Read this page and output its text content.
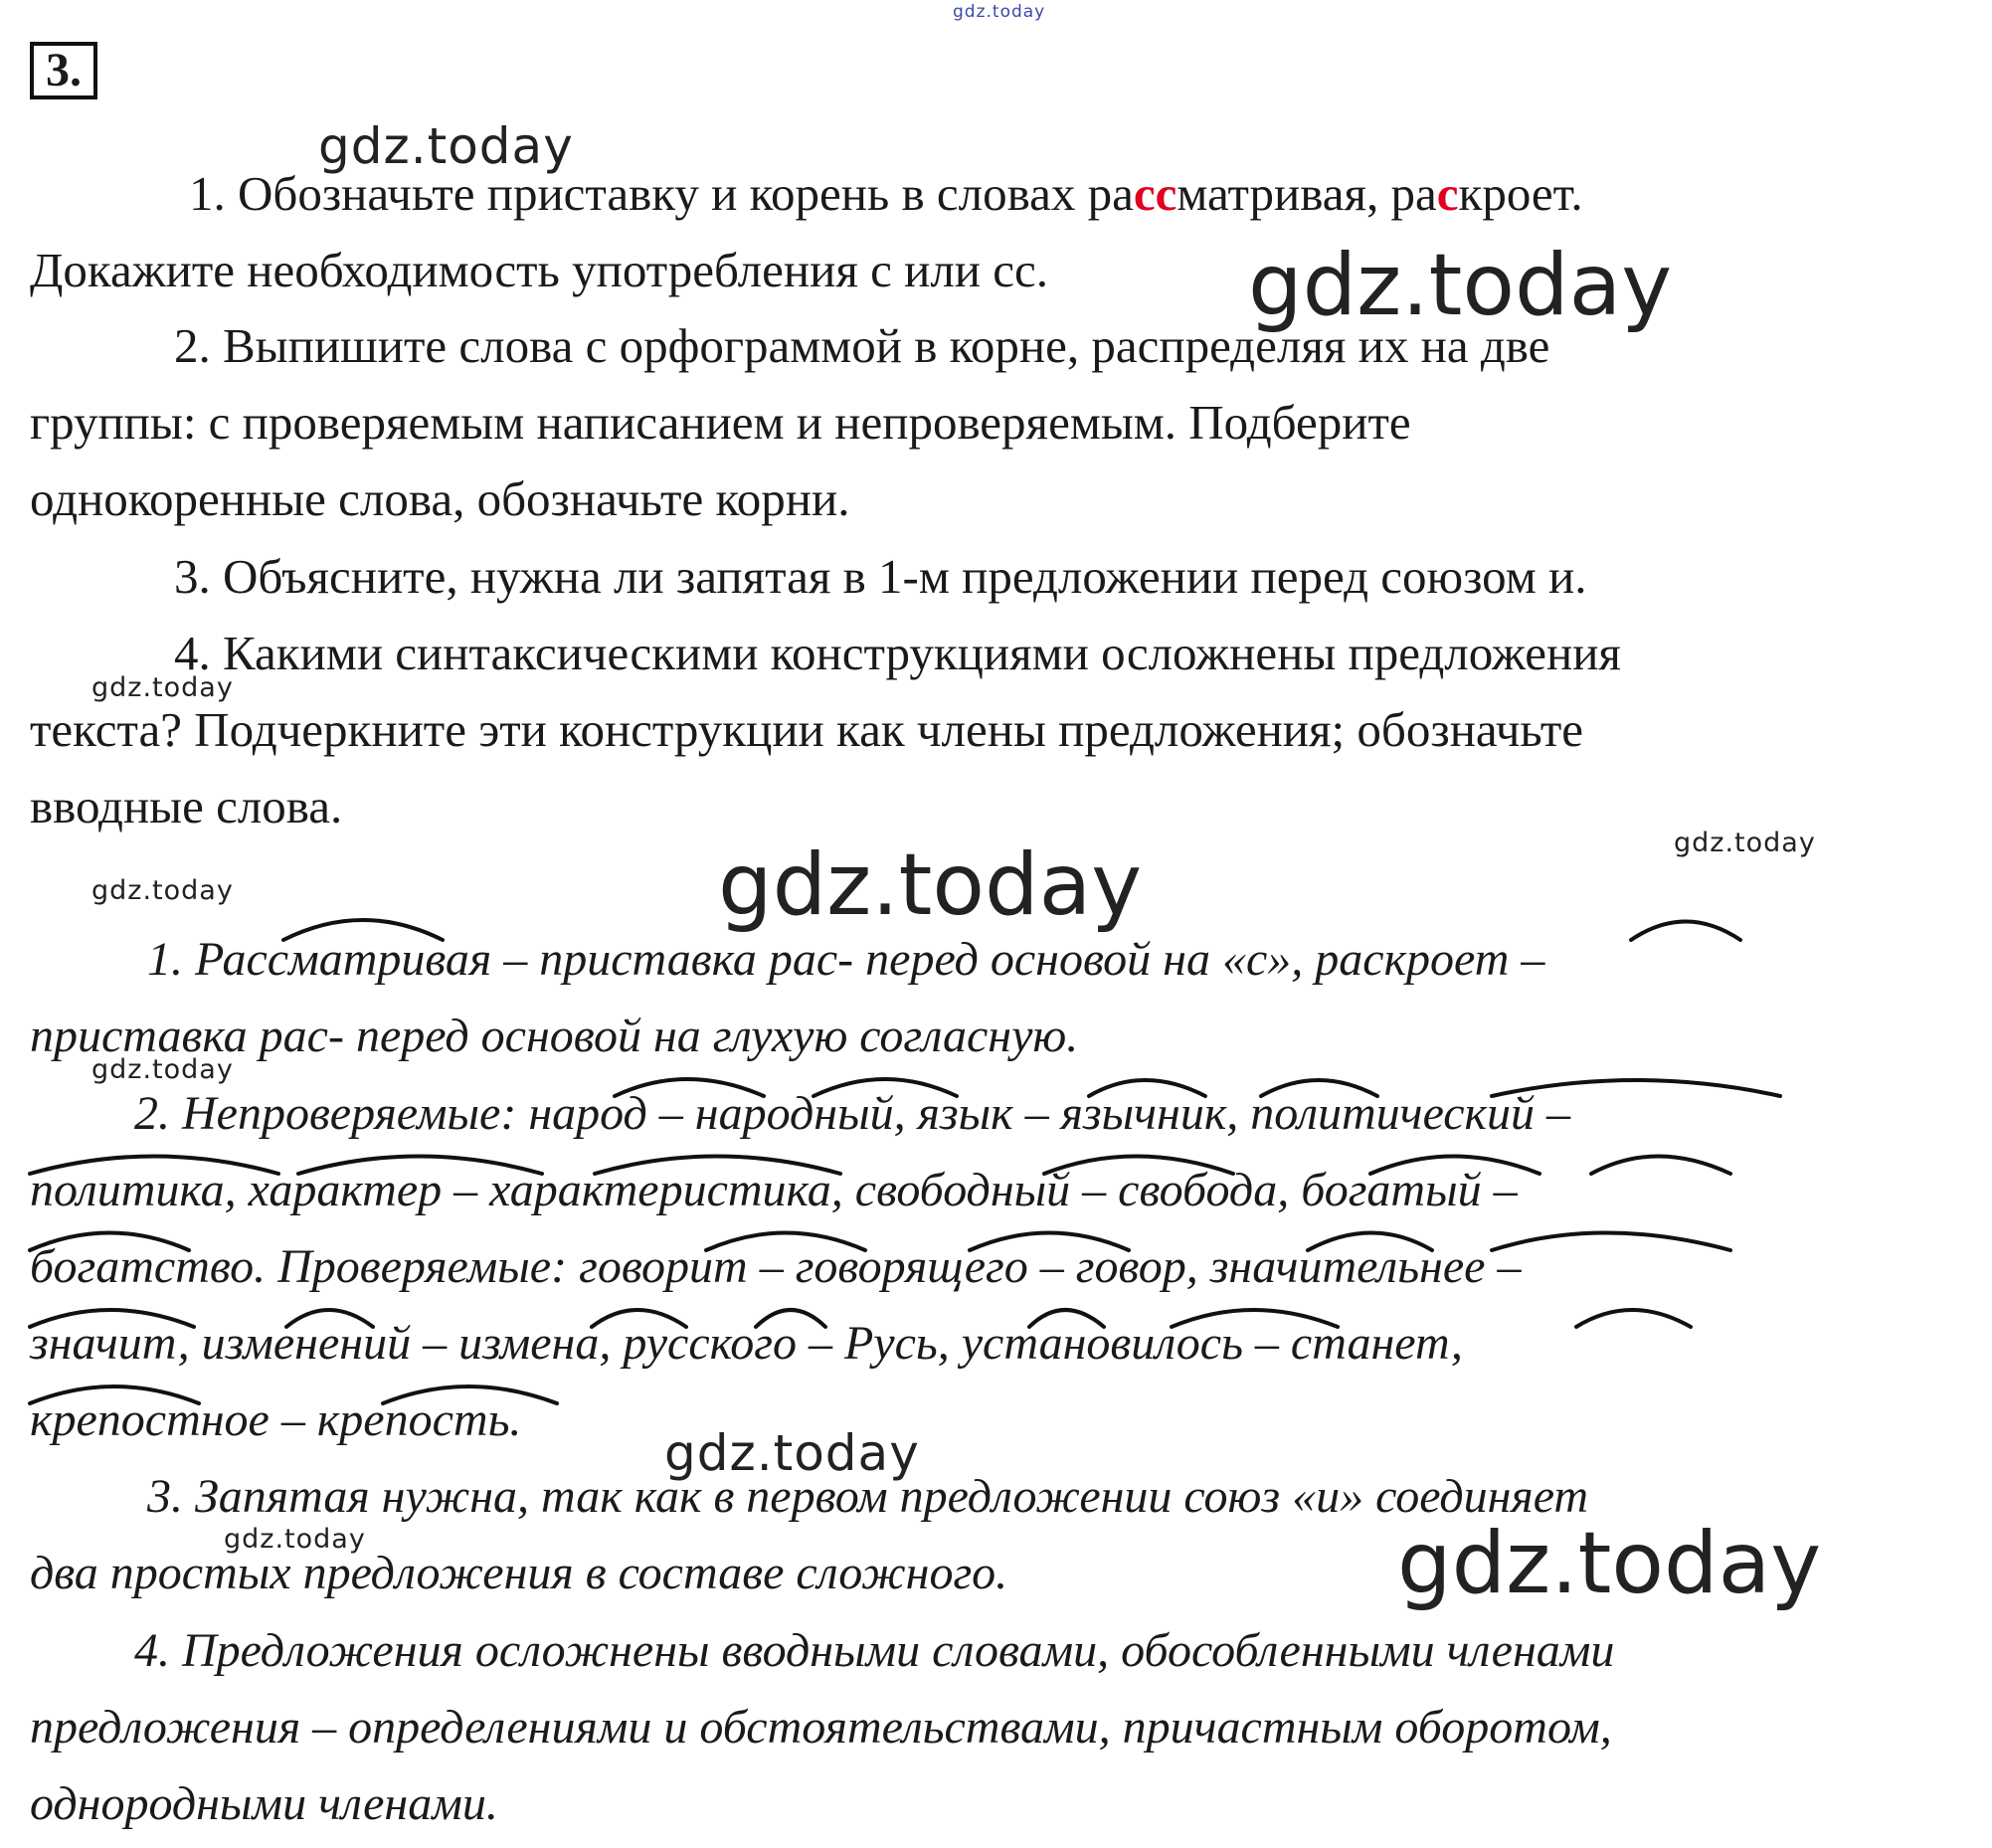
3.
1. Обозначьте приставку и корень в словах рассматривая, раскроет.
Докажите необходимость употребления с или сс.
2. Выпишите слова с орфограммой в корне, распределяя их на две
группы: с проверяемым написанием и непроверяемым. Подберите
однокоренные слова, обозначьте корни.
3. Объясните, нужна ли запятая в 1-м предложении перед союзом и.
4. Какими синтаксическими конструкциями осложнены предложения
текста? Подчеркните эти конструкции как члены предложения; обозначьте
вводные слова.
1. Рассматривая – приставка рас- перед основой на «с», раскроет –
приставка рас- перед основой на глухую согласную.
2. Непроверяемые: народ – народный, язык – язычник, политический –
политика, характер – характеристика, свободный – свобода, богатый –
богатство. Проверяемые: говорит – говорящего – говор, значительнее –
значит, изменений – измена, русского – Русь, установилось – станет,
крепостное – крепость.
3. Запятая нужна, так как в первом предложении союз «и» соединяет
два простых предложения в составе сложного.
4. Предложения осложнены вводными словами, обособленными членами
предложения – определениями и обстоятельствами, причастным оборотом,
однородными членами.
gdz.today
gdz.today
gdz.today
gdz.today
gdz.today
gdz.today
gdz.today
gdz.today
gdz.today
gdz.today	gdz.today
